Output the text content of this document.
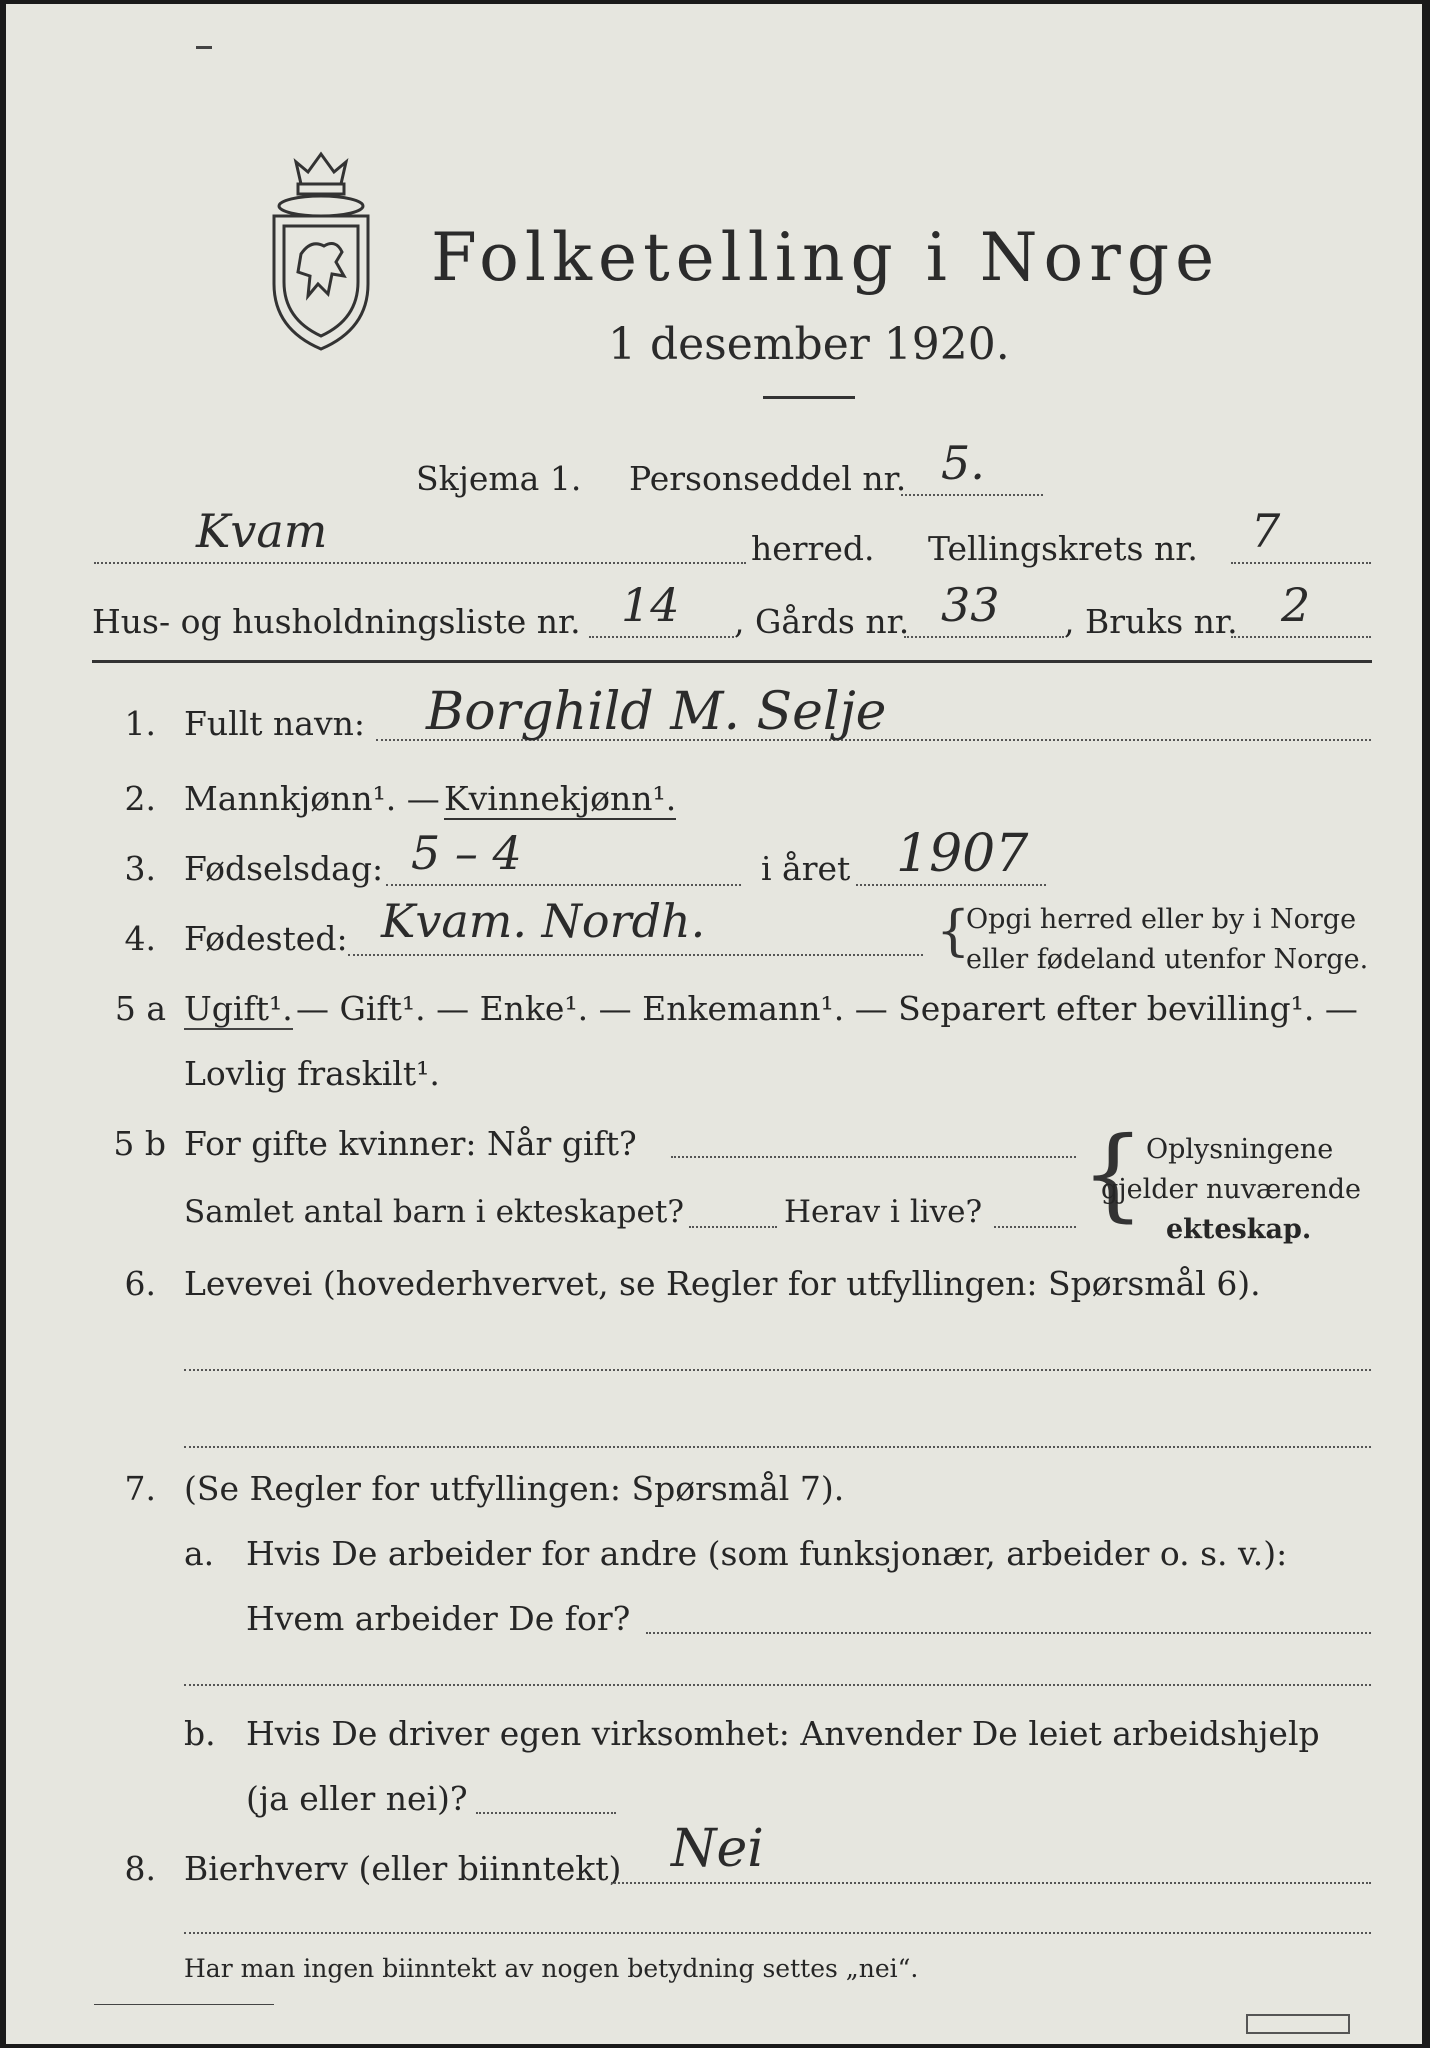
Folketelling i Norge
1 desember 1920.
Skjema 1. Personseddel nr. 5.
Kvam	herred. Tellingskrets nr. 7
Hus- og husholdningsliste nr. 14 , Gårds nr. 33 , Bruks nr. 2
1. Fullt navn: Borghild M. Selje
2. Mannkjønn¹. — Kvinnekjønn¹.
3. Fødselsdag: 5 – 4	i året 1907
4. Fødested: Kvam. Nordh.	{
Opgi herred eller by i Norge
eller fødeland utenfor Norge.
5 a Ugift¹. — Gift¹. — Enke¹. — Enkemann¹. — Separert efter bevilling¹. —
Lovlig fraskilt¹.
5 b For gifte kvinner: Når gift?
Samlet antal barn i ekteskapet?	Herav i live? { Oplysningene
gjelder nuværende
ekteskap.
6. Levevei (hovederhvervet, se Regler for utfyllingen: Spørsmål 6).
7. (Se Regler for utfyllingen: Spørsmål 7).
a. Hvis De arbeider for andre (som funksjonær, arbeider o. s. v.):
Hvem arbeider De for?
b. Hvis De driver egen virksomhet: Anvender De leiet arbeidshjelp
(ja eller nei)?
8. Bierhverv (eller biinntekt) Nei
Har man ingen biinntekt av nogen betydning settes „nei“.
